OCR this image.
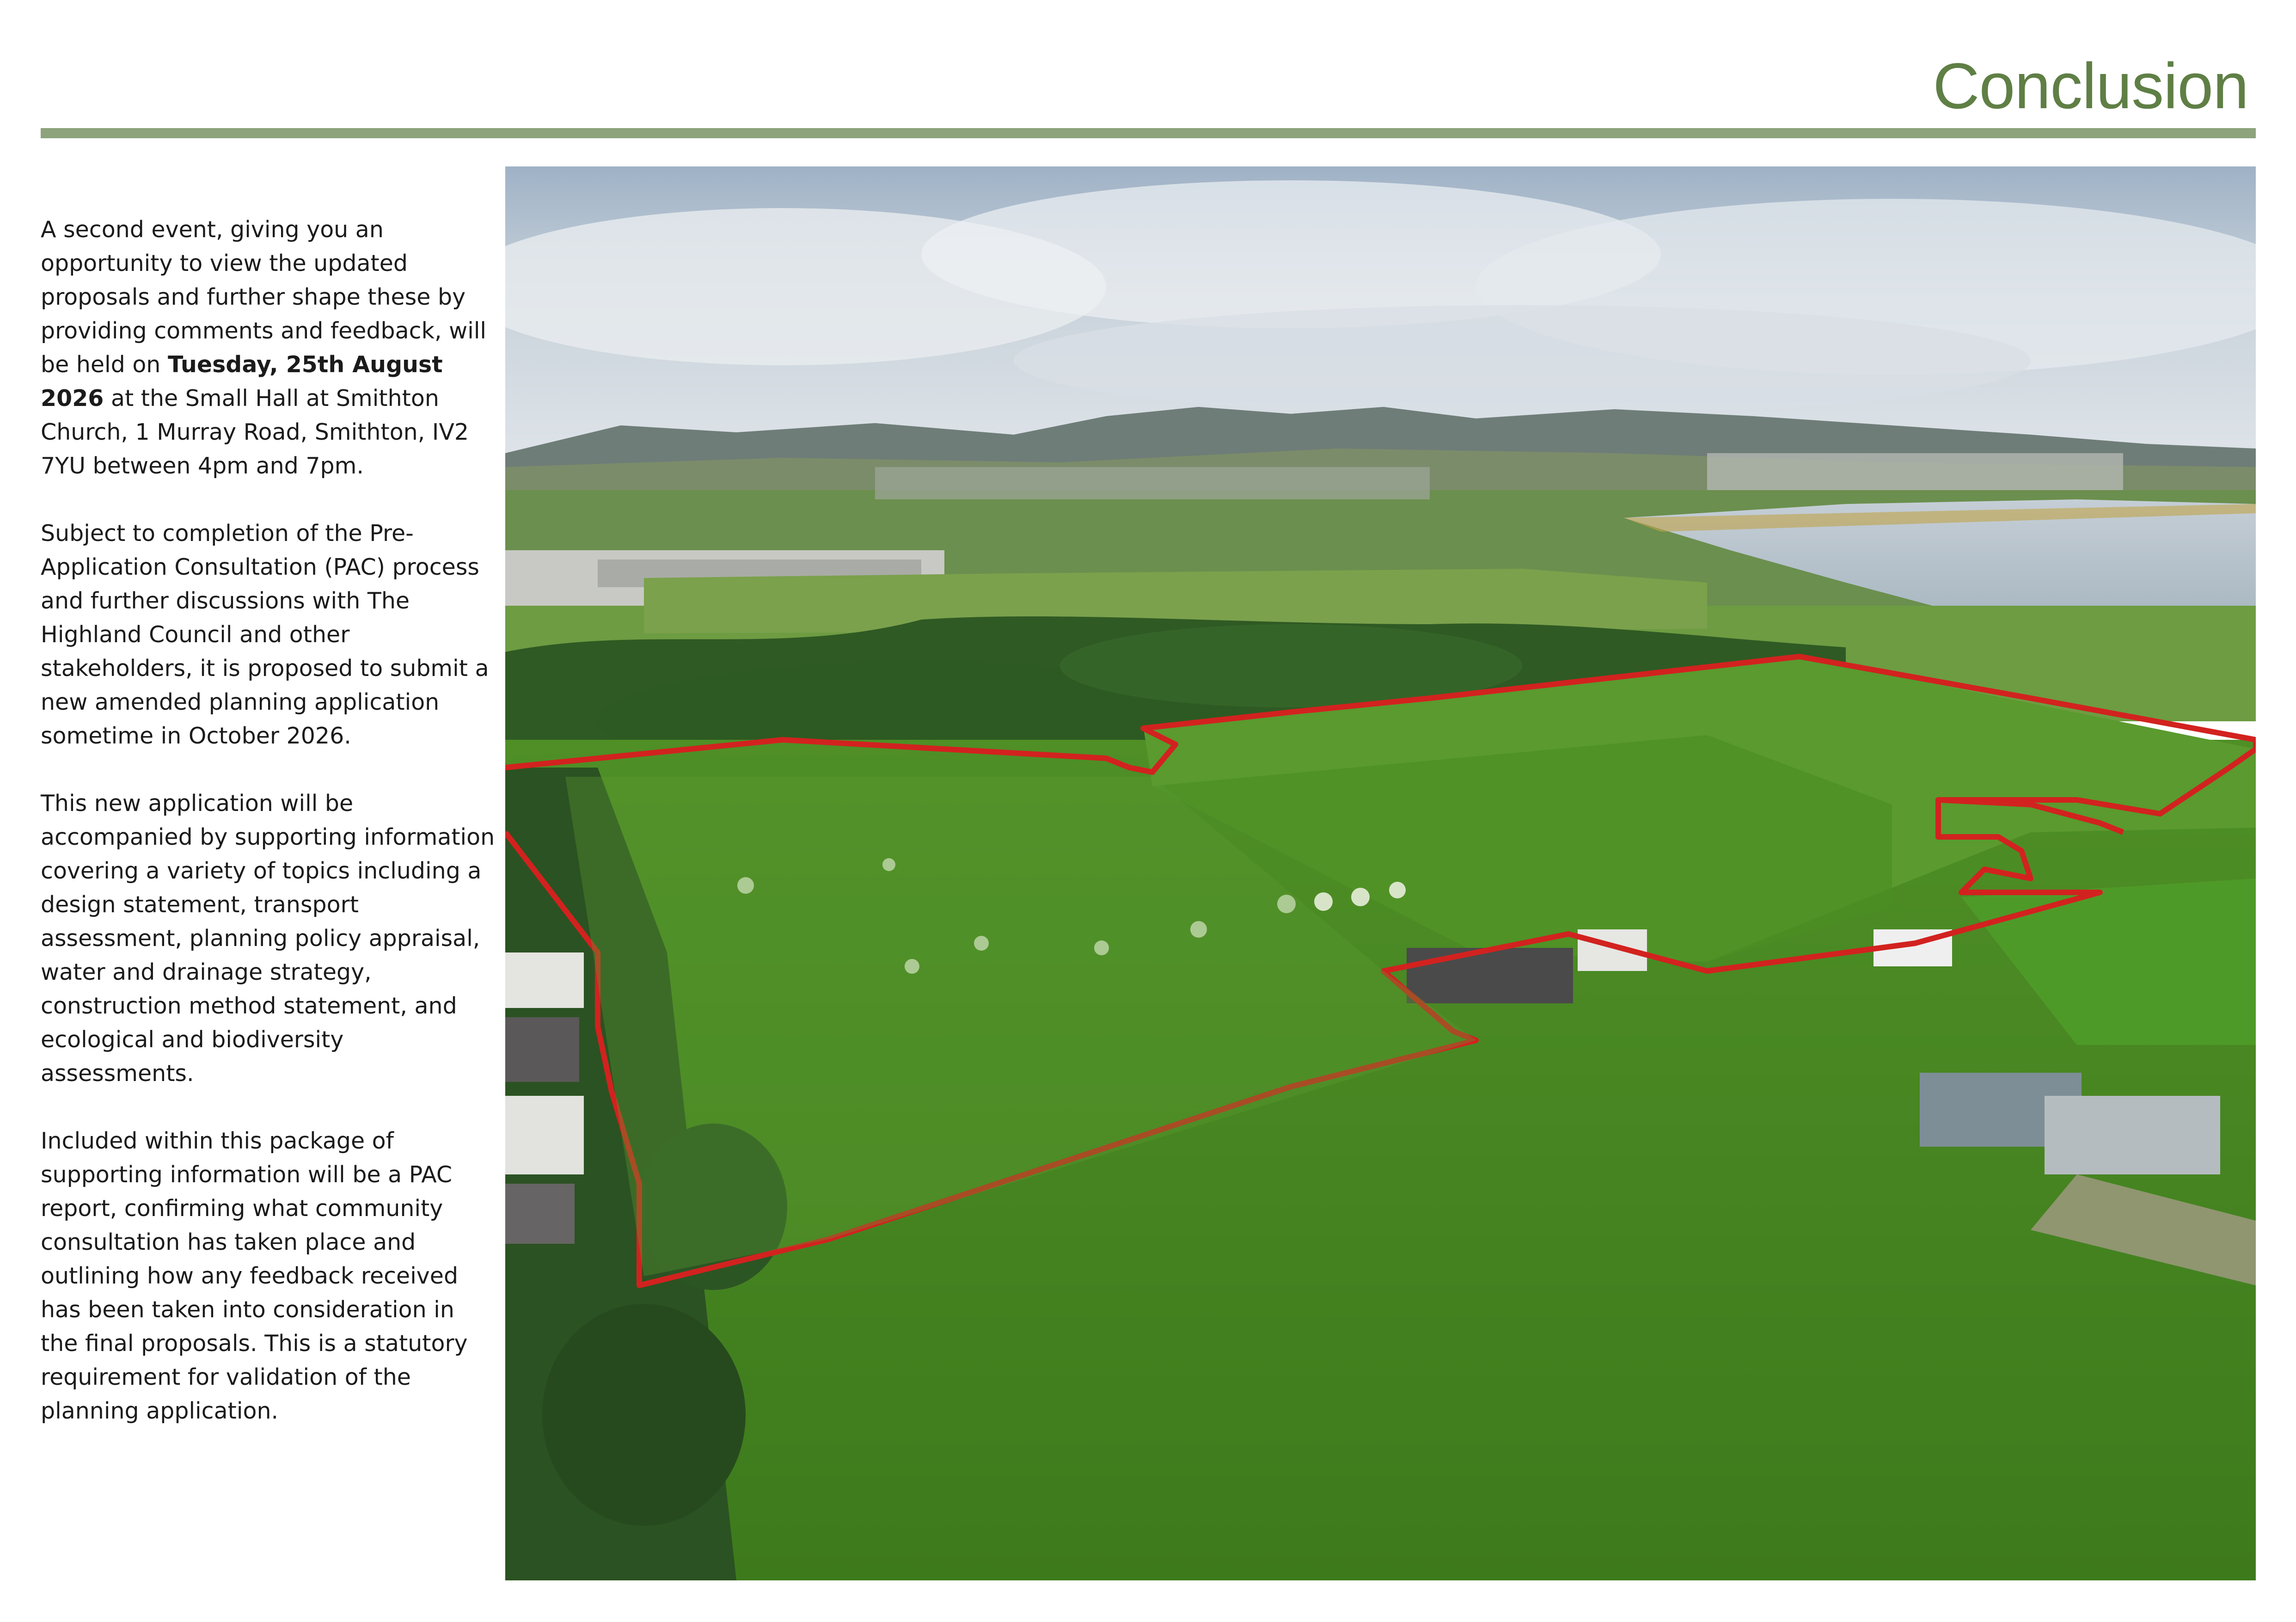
Conclusion

A second event, giving you an opportunity to view the updated proposals and further shape these by providing comments and feedback, will be held on Tuesday, 25th August 2026 at the Small Hall at Smithton Church, 1 Murray Road, Smithton, IV2 7YU between 4pm and 7pm.

Subject to completion of the Pre-Application Consultation (PAC) process and further discussions with The Highland Council and other stakeholders, it is proposed to submit a new amended planning application sometime in October 2026.

This new application will be accompanied by supporting information covering a variety of topics including a design statement, transport assessment, planning policy appraisal, water and drainage strategy, construction method statement, and ecological and biodiversity assessments.

Included within this package of supporting information will be a PAC report, confirming what community consultation has taken place and outlining how any feedback received has been taken into consideration in the final proposals. This is a statutory requirement for validation of the planning application.
